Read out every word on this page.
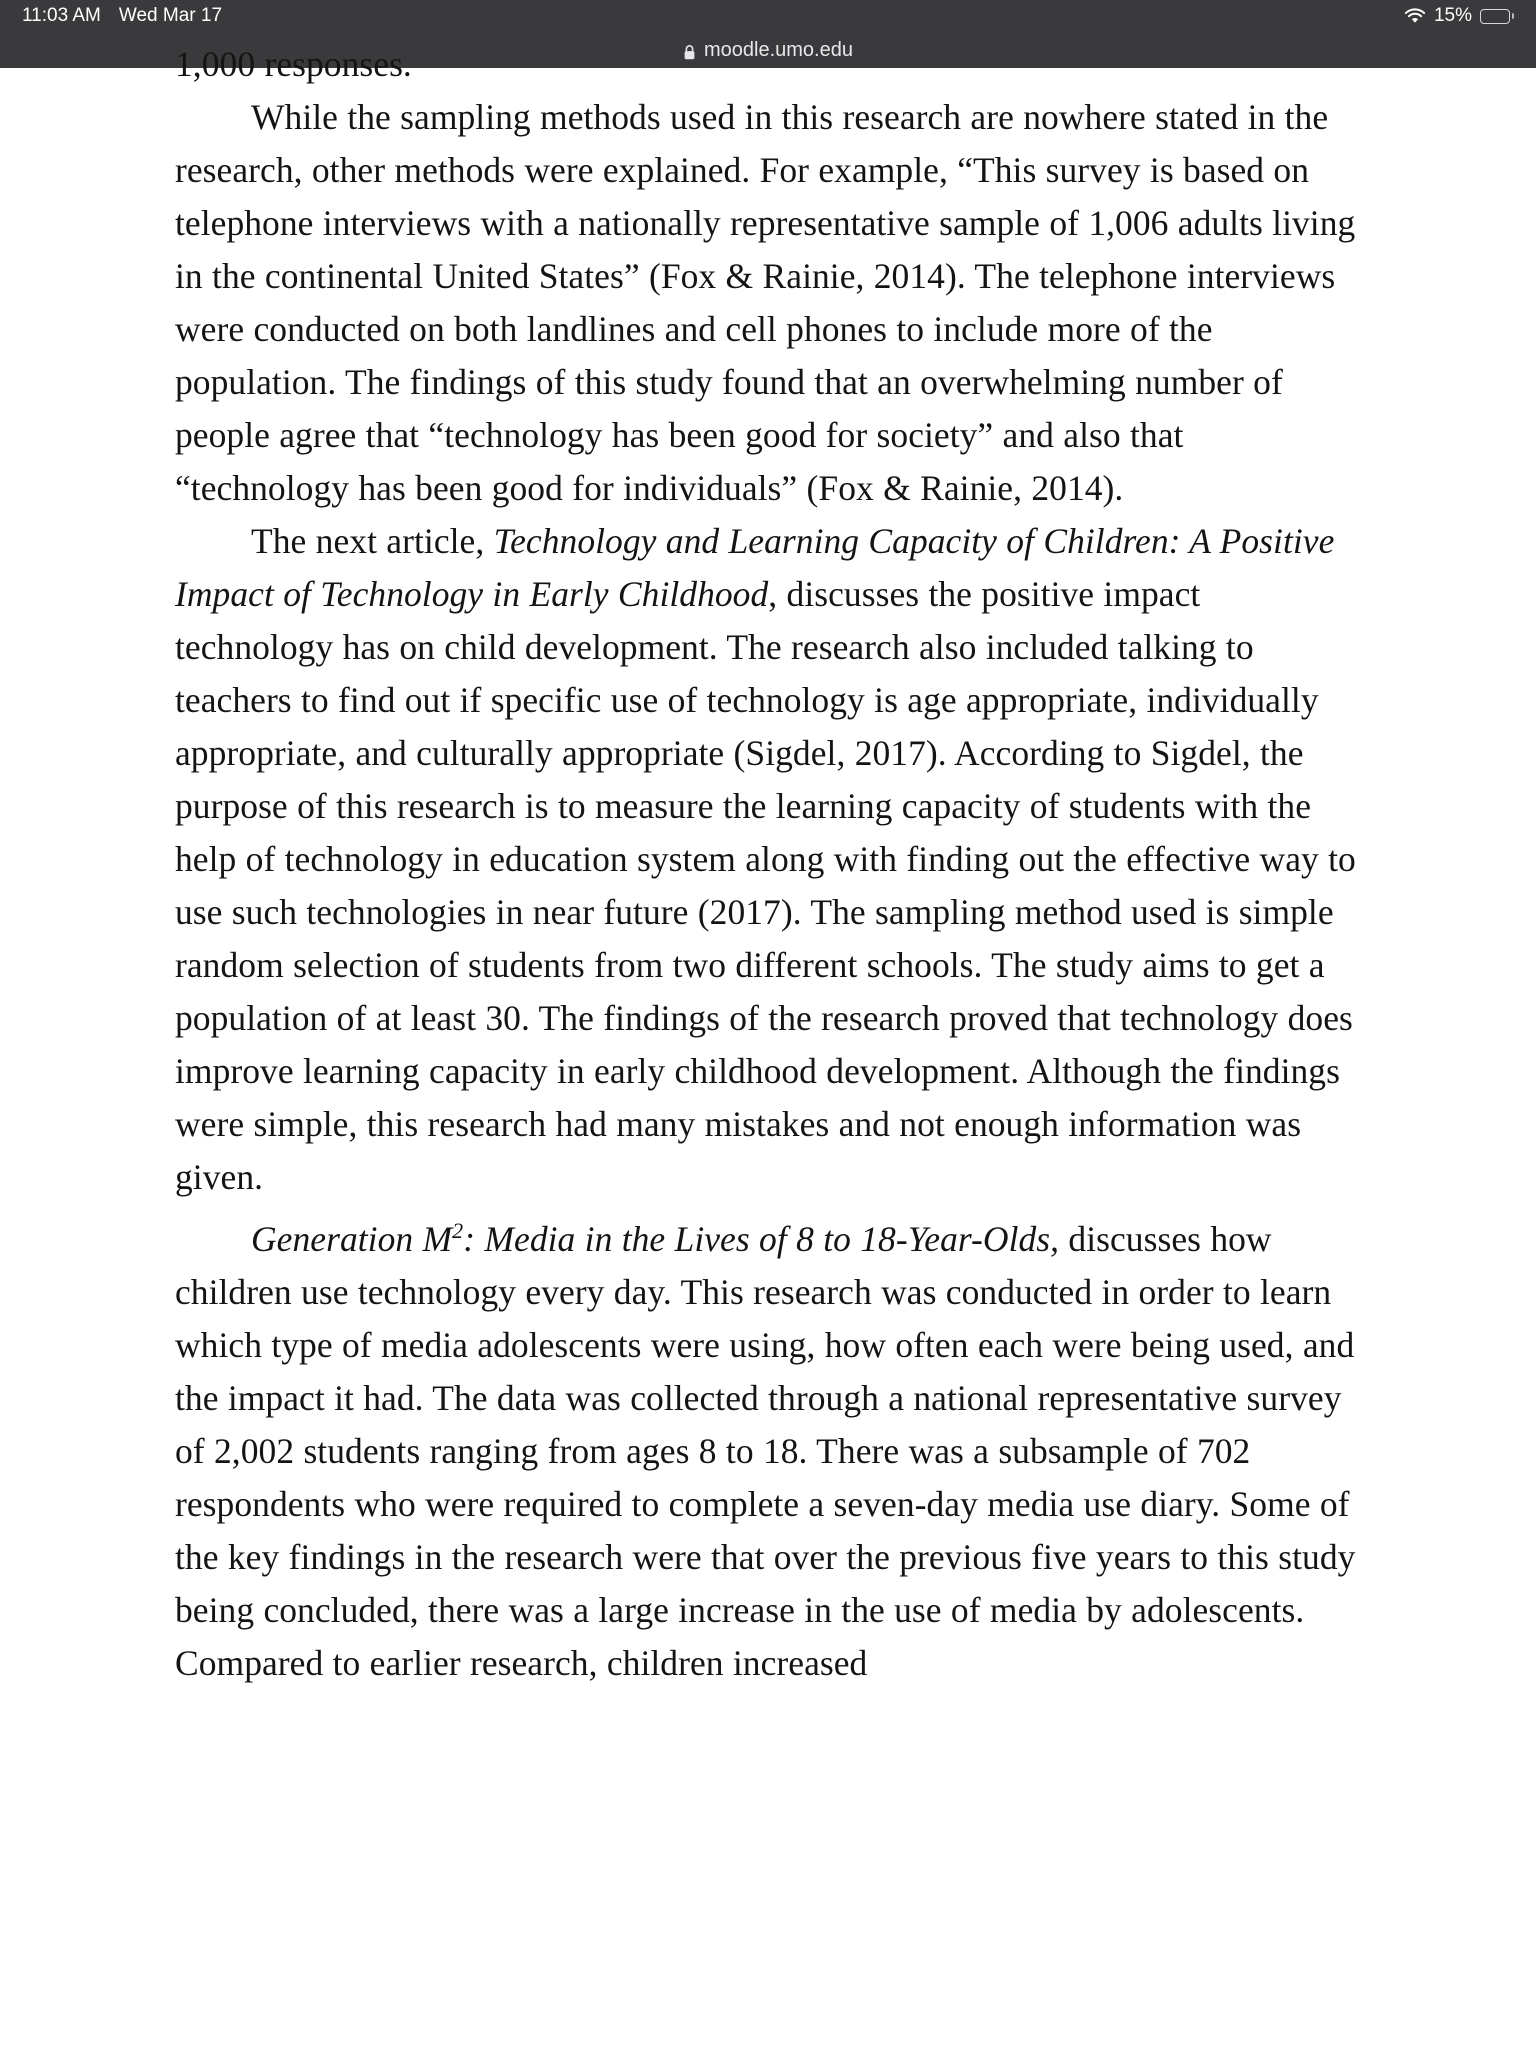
11:03 AM Wed Mar 17	15%
moodle.umo.edu

1,000 responses.

While the sampling methods used in this research are nowhere stated in the research, other methods were explained. For example, “This survey is based on telephone interviews with a nationally representative sample of 1,006 adults living in the continental United States” (Fox & Rainie, 2014). The telephone interviews were conducted on both landlines and cell phones to include more of the population. The findings of this study found that an overwhelming number of people agree that “technology has been good for society” and also that “technology has been good for individuals” (Fox & Rainie, 2014).

The next article, Technology and Learning Capacity of Children: A Positive Impact of Technology in Early Childhood, discusses the positive impact technology has on child development. The research also included talking to teachers to find out if specific use of technology is age appropriate, individually appropriate, and culturally appropriate (Sigdel, 2017). According to Sigdel, the purpose of this research is to measure the learning capacity of students with the help of technology in education system along with finding out the effective way to use such technologies in near future (2017). The sampling method used is simple random selection of students from two different schools. The study aims to get a population of at least 30. The findings of the research proved that technology does improve learning capacity in early childhood development. Although the findings were simple, this research had many mistakes and not enough information was given.

Generation $M^2$: Media in the Lives of 8 to 18-Year-Olds, discusses how children use technology every day. This research was conducted in order to learn which type of media adolescents were using, how often each were being used, and the impact it had. The data was collected through a national representative survey of 2,002 students ranging from ages 8 to 18. There was a subsample of 702 respondents who were required to complete a seven-day media use diary. Some of the key findings in the research were that over the previous five years to this study being concluded, there was a large increase in the use of media by adolescents. Compared to earlier research, children increased
